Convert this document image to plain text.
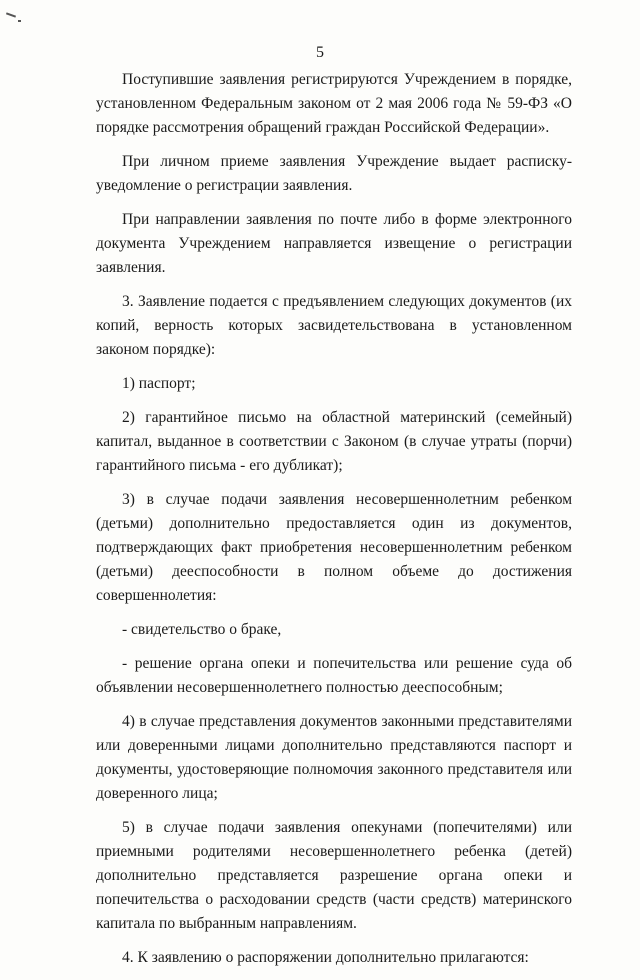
5

Поступившие заявления регистрируются Учреждением в порядке, установленном Федеральным законом от 2 мая 2006 года № 59-ФЗ «О порядке рассмотрения обращений граждан Российской Федерации».

При личном приеме заявления Учреждение выдает расписку-уведомление о регистрации заявления.

При направлении заявления по почте либо в форме электронного документа Учреждением направляется извещение о регистрации заявления.

3. Заявление подается с предъявлением следующих документов (их копий, верность которых засвидетельствована в установленном законом порядке):

1) паспорт;

2) гарантийное письмо на областной материнский (семейный) капитал, выданное в соответствии с Законом (в случае утраты (порчи) гарантийного письма - его дубликат);

3) в случае подачи заявления несовершеннолетним ребенком (детьми) дополнительно предоставляется один из документов, подтверждающих факт приобретения несовершеннолетним ребенком (детьми) дееспособности в полном объеме до достижения совершеннолетия:

- свидетельство о браке,

- решение органа опеки и попечительства или решение суда об объявлении несовершеннолетнего полностью дееспособным;

4) в случае представления документов законными представителями или доверенными лицами дополнительно представляются паспорт и документы, удостоверяющие полномочия законного представителя или доверенного лица;

5) в случае подачи заявления опекунами (попечителями) или приемными родителями несовершеннолетнего ребенка (детей) дополнительно представляется разрешение органа опеки и попечительства о расходовании средств (части средств) материнского капитала по выбранным направлениям.

4. К заявлению о распоряжении дополнительно прилагаются:
